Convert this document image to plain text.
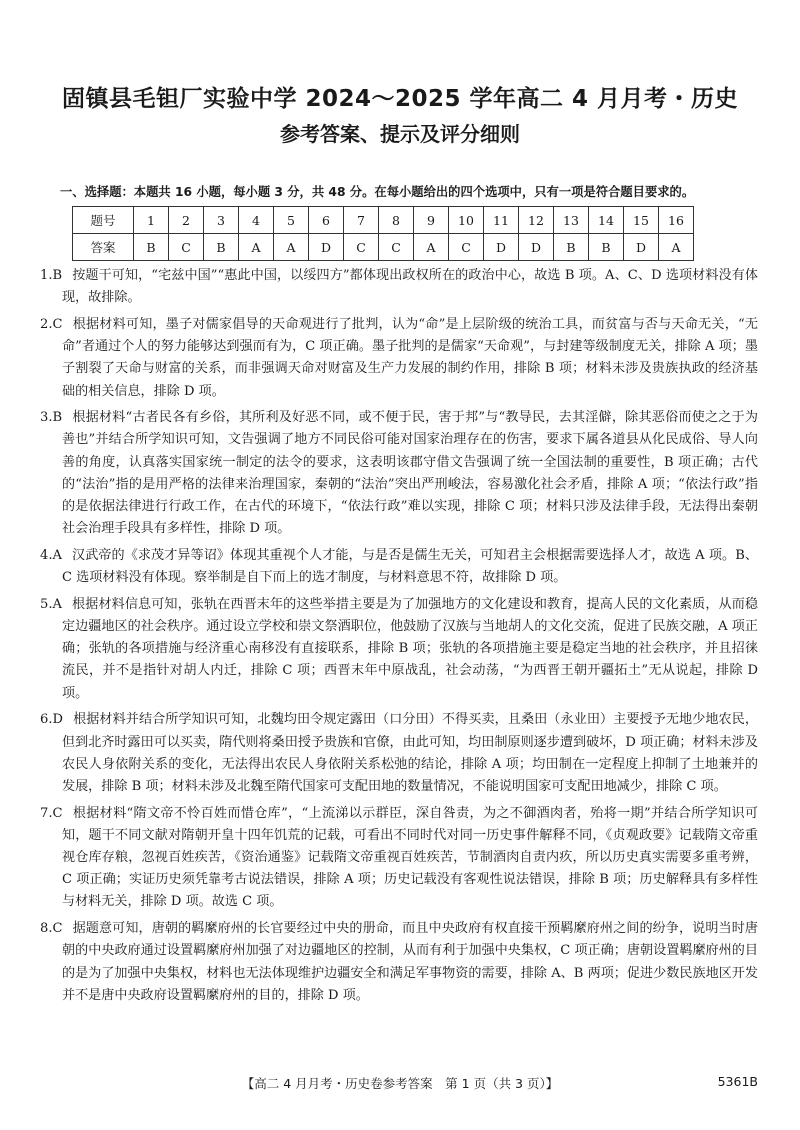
固镇县毛钽厂实验中学 2024～2025 学年高二 4 月月考・历史
参考答案、提示及评分细则
一、选择题：本题共 16 小题，每小题 3 分，共 48 分。在每小题给出的四个选项中，只有一项是符合题目要求的。
题号	1	2	3	4	5	6	7	8	9	10	11	12	13	14	15	16
答案	B	C	B	A	A	D	C	C	A	C	D	D	B	B	D	A
1.B 按题干可知，“宅兹中国”“惠此中国，以绥四方”都体现出政权所在的政治中心，故选 B 项。A、C、D 选项材料没有体现，故排除。
2.C 根据材料可知，墨子对儒家倡导的天命观进行了批判，认为“命”是上层阶级的统治工具，而贫富与否与天命无关，“无命”者通过个人的努力能够达到强而有为，C 项正确。墨子批判的是儒家“天命观”，与封建等级制度无关，排除 A 项；墨子割裂了天命与财富的关系，而非强调天命对财富及生产力发展的制约作用，排除 B 项；材料未涉及贵族执政的经济基础的相关信息，排除 D 项。
3.B 根据材料“古者民各有乡俗，其所利及好恶不同，或不便于民，害于邦”与“教导民，去其淫僻，除其恶俗而使之之于为善也”并结合所学知识可知，文告强调了地方不同民俗可能对国家治理存在的伤害，要求下属各道县从化民成俗、导人向善的角度，认真落实国家统一制定的法令的要求，这表明该郡守借文告强调了统一全国法制的重要性，B 项正确；古代的“法治”指的是用严格的法律来治理国家，秦朝的“法治”突出严刑峻法，容易激化社会矛盾，排除 A 项；“依法行政”指的是依据法律进行行政工作，在古代的环境下，“依法行政”难以实现，排除 C 项；材料只涉及法律手段，无法得出秦朝社会治理手段具有多样性，排除 D 项。
4.A 汉武帝的《求茂才异等诏》体现其重视个人才能，与是否是儒生无关，可知君主会根据需要选择人才，故选 A 项。B、C 选项材料没有体现。察举制是自下而上的选才制度，与材料意思不符，故排除 D 项。
5.A 根据材料信息可知，张轨在西晋末年的这些举措主要是为了加强地方的文化建设和教育，提高人民的文化素质，从而稳定边疆地区的社会秩序。通过设立学校和崇文祭酒职位，他鼓励了汉族与当地胡人的文化交流，促进了民族交融，A 项正确；张轨的各项措施与经济重心南移没有直接联系，排除 B 项；张轨的各项措施主要是稳定当地的社会秩序，并且招徕流民，并不是指针对胡人内迁，排除 C 项；西晋末年中原战乱，社会动荡，“为西晋王朝开疆拓土”无从说起，排除 D 项。
6.D 根据材料并结合所学知识可知，北魏均田令规定露田（口分田）不得买卖，且桑田（永业田）主要授予无地少地农民，但到北齐时露田可以买卖，隋代则将桑田授予贵族和官僚，由此可知，均田制原则逐步遭到破坏，D 项正确；材料未涉及农民人身依附关系的变化，无法得出农民人身依附关系松弛的结论，排除 A 项；均田制在一定程度上抑制了土地兼并的发展，排除 B 项；材料未涉及北魏至隋代国家可支配田地的数量情况，不能说明国家可支配田地减少，排除 C 项。
7.C 根据材料“隋文帝不怜百姓而惜仓库”，“上流涕以示群臣，深自咎责，为之不御酒肉者，殆将一期”并结合所学知识可知，题干不同文献对隋朝开皇十四年饥荒的记载，可看出不同时代对同一历史事件解释不同，《贞观政要》记载隋文帝重视仓库存粮，忽视百姓疾苦，《资治通鉴》记载隋文帝重视百姓疾苦，节制酒肉自责内疚，所以历史真实需要多重考辨，C 项正确；实证历史须凭靠考古说法错误，排除 A 项；历史记载没有客观性说法错误，排除 B 项；历史解释具有多样性与材料无关，排除 D 项。故选 C 项。
8.C 据题意可知，唐朝的羁縻府州的长官要经过中央的册命，而且中央政府有权直接干预羁縻府州之间的纷争，说明当时唐朝的中央政府通过设置羁縻府州加强了对边疆地区的控制，从而有利于加强中央集权，C 项正确；唐朝设置羁縻府州的目的是为了加强中央集权，材料也无法体现维护边疆安全和满足军事物资的需要，排除 A、B 两项；促进少数民族地区开发并不是唐中央政府设置羁縻府州的目的，排除 D 项。
【高二 4 月月考・历史卷参考答案　第 1 页（共 3 页）】	5361B
